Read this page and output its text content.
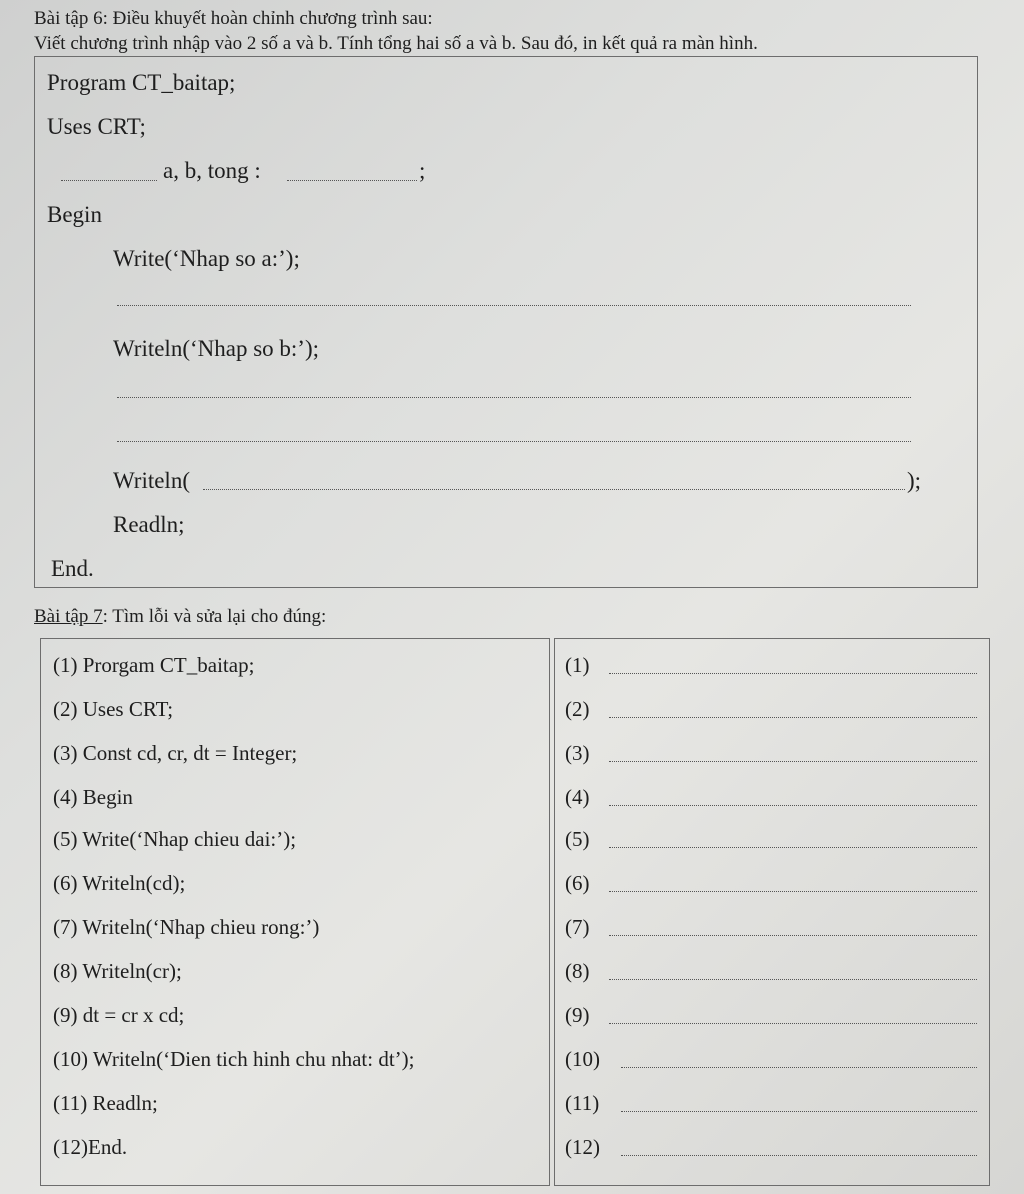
Bài tập 6: Điều khuyết hoàn chỉnh chương trình sau:
Viết chương trình nhập vào 2 số a và b. Tính tổng hai số a và b. Sau đó, in kết quả ra màn hình.
Program CT_baitap;
Uses CRT;
a, b, tong :	;
Begin
Write(‘Nhap so a:’);
Writeln(‘Nhap so b:’);
Writeln(	);
Readln;
End.
Bài tập 7: Tìm lỗi và sửa lại cho đúng:
(1) Prorgam CT_baitap;
(2) Uses CRT;
(3) Const cd, cr, dt = Integer;
(4) Begin
(5) Write(‘Nhap chieu dai:’);
(6) Writeln(cd);
(7) Writeln(‘Nhap chieu rong:’)
(8) Writeln(cr);
(9) dt = cr x cd;
(10) Writeln(‘Dien tich hinh chu nhat: dt’);
(11) Readln;
(12)End.
(1)
(2)
(3)
(4)
(5)
(6)
(7)
(8)
(9)
(10)
(11)
(12)
